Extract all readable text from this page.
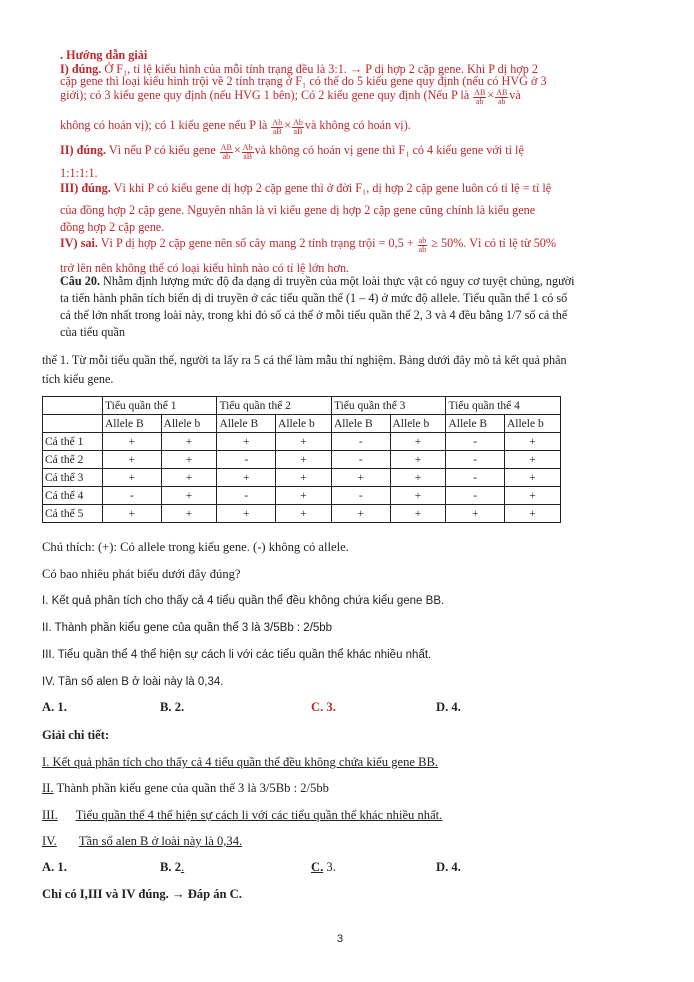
. Hướng dẫn giải
I) đúng. Ở F₁, tỉ lệ kiểu hình của mỗi tính trạng đều là 3:1. → P dị hợp 2 cặp gene. Khi P dị hợp 2
cặp gene thì loại kiểu hình trội về 2 tính trạng ở F₁ có thể do 5 kiểu gene quy định (nếu có HVG ở 3
giới); có 3 kiểu gene quy định (nếu HVG 1 bên); Có 2 kiểu gene quy định (Nếu P là $\frac{AB}{ab} \times \frac{AB}{ab}$ và
không có hoán vị); có 1 kiểu gene nếu P là $\frac{Ab}{aB} \times \frac{Ab}{aB}$ và không có hoán vị).
II) đúng. Vì nếu P có kiểu gene $\frac{AB}{ab} \times \frac{Ab}{aB}$ và không có hoán vị gene thì F₁ có 4 kiểu gene với tỉ lệ
1:1:1:1.
III) đúng. Vì khi P có kiểu gene dị hợp 2 cặp gene thì ở đời F₁, dị hợp 2 cặp gene luôn có tỉ lệ = tỉ lệ
của đồng hợp 2 cặp gene. Nguyên nhân là vì kiểu gene dị hợp 2 cặp gene cũng chính là kiểu gene
đồng hợp 2 cặp gene.
IV) sai. Vì P dị hợp 2 cặp gene nên số cây mang 2 tính trạng trội = $0,5 + \frac{ab}{ab} \ge 50\%$. Vì có tỉ lệ từ 50%
trở lên nên không thể có loại kiểu hình nào có tỉ lệ lớn hơn.
Câu 20. Nhằm định lượng mức độ đa dạng di truyền của một loài thực vật có nguy cơ tuyệt chủng, người
ta tiến hành phân tích biến dị di truyền ở các tiểu quần thể (1 – 4) ở mức độ allele. Tiểu quần thể 1 có số
cá thể lớn nhất trong loài này, trong khi đó số cá thể ở mỗi tiểu quần thể 2, 3 và 4 đều bằng 1/7 số cá thể
của tiểu quần
thể 1. Từ mỗi tiểu quần thể, người ta lấy ra 5 cá thể làm mẫu thí nghiệm. Bảng dưới đây mô tả kết quả phân
tích kiểu gene.
	Tiểu quần thể 1		Tiểu quần thể 2		Tiểu quần thể 3		Tiểu quần thể 4	
	Allele B	Allele b	Allele B	Allele b	Allele B	Allele b	Allele B	Allele b
Cá thể 1	+	+	+	+	-	+	-	+
Cá thể 2	+	+	-	+	-	+	-	+
Cá thể 3	+	+	+	+	+	+	-	+
Cá thể 4	-	+	-	+	-	+	-	+
Cá thể 5	+	+	+	+	+	+	+	+
Chú thích: (+): Có allele trong kiểu gene. (-) không có allele.
Có bao nhiêu phát biểu dưới đây đúng?
I. Kết quả phân tích cho thấy cả 4 tiểu quần thể đều không chứa kiểu gene BB.
II. Thành phần kiểu gene của quần thể 3 là 3/5Bb : 2/5bb
III. Tiểu quần thể 4 thể hiện sự cách li với các tiểu quần thể khác nhiều nhất.
IV. Tần số alen B ở loài này là 0,34.
A. 1.	B. 2.	C. 3.	D. 4.
Giải chi tiết:
I. Kết quả phân tích cho thấy cả 4 tiểu quần thể đều không chứa kiểu gene BB.
II. Thành phần kiểu gene của quần thể 3 là 3/5Bb : 2/5bb
III. Tiểu quần thể 4 thể hiện sự cách li với các tiểu quần thể khác nhiều nhất.
IV. Tần số alen B ở loài này là 0,34.
A. 1.	B. 2.	C. 3.	D. 4.
Chỉ có I,III và IV đúng. → Đáp án C.
3
